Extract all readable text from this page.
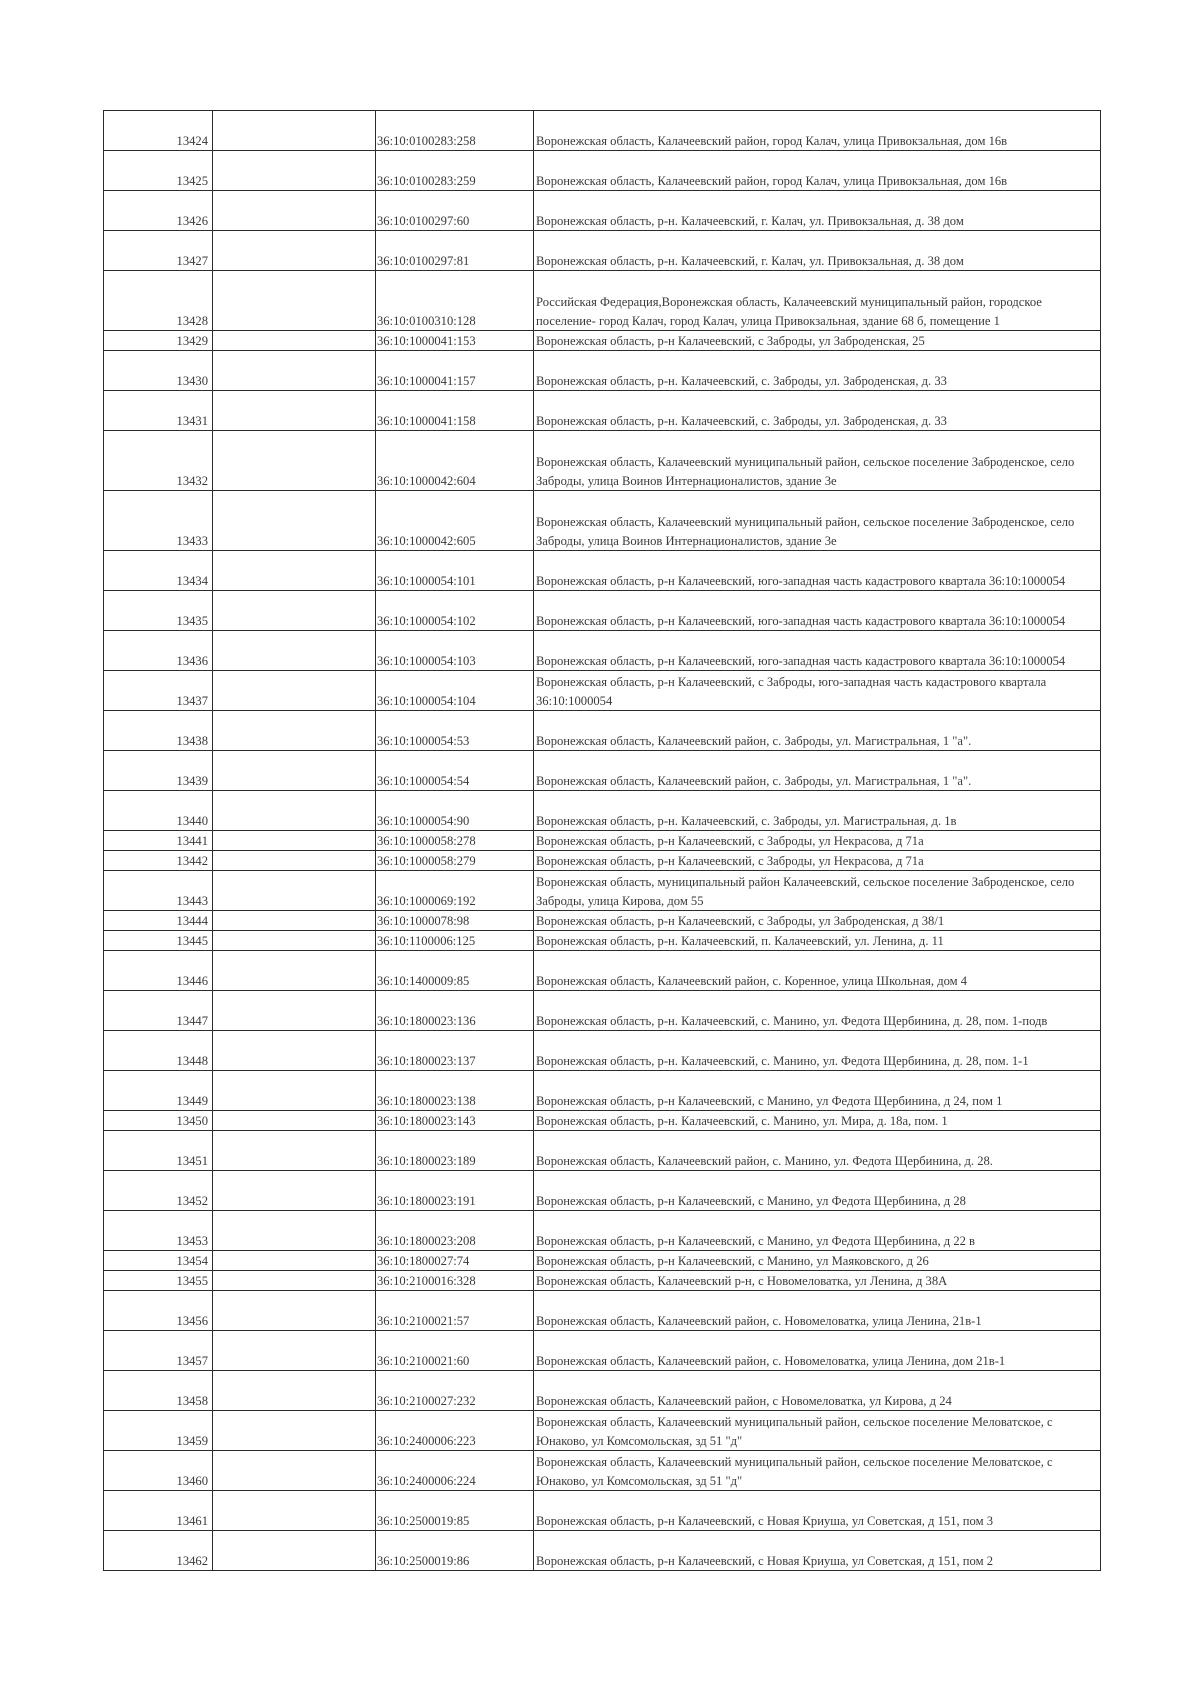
13424		36:10:0100283:258	Воронежская область, Калачеевский район, город Калач, улица Привокзальная, дом 16в
13425		36:10:0100283:259	Воронежская область, Калачеевский район, город Калач, улица Привокзальная, дом 16в
13426		36:10:0100297:60	Воронежская область, р-н. Калачеевский, г. Калач, ул. Привокзальная, д. 38 дом
13427		36:10:0100297:81	Воронежская область, р-н. Калачеевский, г. Калач, ул. Привокзальная, д. 38 дом
13428		36:10:0100310:128	Российская Федерация,Воронежская область, Калачеевский муниципальный район, городское поселение- город Калач, город Калач, улица Привокзальная, здание 68 б, помещение 1
13429		36:10:1000041:153	Воронежская область, р-н Калачеевский, с Заброды, ул Заброденская, 25
13430		36:10:1000041:157	Воронежская область, р-н. Калачеевский, с. Заброды, ул. Заброденская, д. 33
13431		36:10:1000041:158	Воронежская область, р-н. Калачеевский, с. Заброды, ул. Заброденская, д. 33
13432		36:10:1000042:604	Воронежская область, Калачеевский муниципальный район, сельское поселение Заброденское, село Заброды, улица Воинов Интернационалистов, здание 3е
13433		36:10:1000042:605	Воронежская область, Калачеевский муниципальный район, сельское поселение Заброденское, село Заброды, улица Воинов Интернационалистов, здание 3е
13434		36:10:1000054:101	Воронежская область, р-н Калачеевский, юго-западная часть кадастрового квартала 36:10:1000054
13435		36:10:1000054:102	Воронежская область, р-н Калачеевский, юго-западная часть кадастрового квартала 36:10:1000054
13436		36:10:1000054:103	Воронежская область, р-н Калачеевский, юго-западная часть кадастрового квартала 36:10:1000054
13437		36:10:1000054:104	Воронежская область, р-н Калачеевский, с Заброды, юго-западная часть кадастрового квартала 36:10:1000054
13438		36:10:1000054:53	Воронежская область, Калачеевский район, с. Заброды, ул. Магистральная, 1 "а".
13439		36:10:1000054:54	Воронежская область, Калачеевский район, с. Заброды, ул. Магистральная, 1 "а".
13440		36:10:1000054:90	Воронежская область, р-н. Калачеевский, с. Заброды, ул. Магистральная, д. 1в
13441		36:10:1000058:278	Воронежская область, р-н Калачеевский, с Заброды, ул Некрасова, д 71а
13442		36:10:1000058:279	Воронежская область, р-н Калачеевский, с Заброды, ул Некрасова, д 71а
13443		36:10:1000069:192	Воронежская область, муниципальный район Калачеевский, сельское поселение Заброденское, село Заброды, улица Кирова, дом 55
13444		36:10:1000078:98	Воронежская область, р-н Калачеевский, с Заброды, ул Заброденская, д 38/1
13445		36:10:1100006:125	Воронежская область, р-н. Калачеевский, п. Калачеевский, ул. Ленина, д. 11
13446		36:10:1400009:85	Воронежская область, Калачеевский район, с. Коренное, улица Школьная, дом 4
13447		36:10:1800023:136	Воронежская область, р-н. Калачеевский, с. Манино, ул. Федота Щербинина, д. 28, пом. 1-подв
13448		36:10:1800023:137	Воронежская область, р-н. Калачеевский, с. Манино, ул. Федота Щербинина, д. 28, пом. 1-1
13449		36:10:1800023:138	Воронежская область, р-н Калачеевский, с Манино, ул Федота Щербинина, д 24, пом 1
13450		36:10:1800023:143	Воронежская область, р-н. Калачеевский, с. Манино, ул. Мира, д. 18а, пом. 1
13451		36:10:1800023:189	Воронежская область, Калачеевский район, с. Манино, ул. Федота Щербинина, д. 28.
13452		36:10:1800023:191	Воронежская область, р-н Калачеевский, с Манино, ул Федота Щербинина, д 28
13453		36:10:1800023:208	Воронежская область, р-н Калачеевский, с Манино, ул Федота Щербинина, д 22 в
13454		36:10:1800027:74	Воронежская область, р-н Калачеевский, с Манино, ул Маяковского, д 26
13455		36:10:2100016:328	Воронежская область, Калачеевский р-н, с Новомеловатка, ул Ленина, д 38А
13456		36:10:2100021:57	Воронежская область, Калачеевский район, с. Новомеловатка, улица Ленина, 21в-1
13457		36:10:2100021:60	Воронежская область, Калачеевский район, с. Новомеловатка, улица Ленина, дом 21в-1
13458		36:10:2100027:232	Воронежская область, Калачеевский район, с Новомеловатка, ул Кирова, д 24
13459		36:10:2400006:223	Воронежская область, Калачеевский муниципальный район, сельское поселение Меловатское, с Юнаково, ул Комсомольская, зд 51 "д"
13460		36:10:2400006:224	Воронежская область, Калачеевский муниципальный район, сельское поселение Меловатское, с Юнаково, ул Комсомольская, зд 51 "д"
13461		36:10:2500019:85	Воронежская область, р-н Калачеевский, с Новая Криуша, ул Советская, д 151, пом 3
13462		36:10:2500019:86	Воронежская область, р-н Калачеевский, с Новая Криуша, ул Советская, д 151, пом 2
